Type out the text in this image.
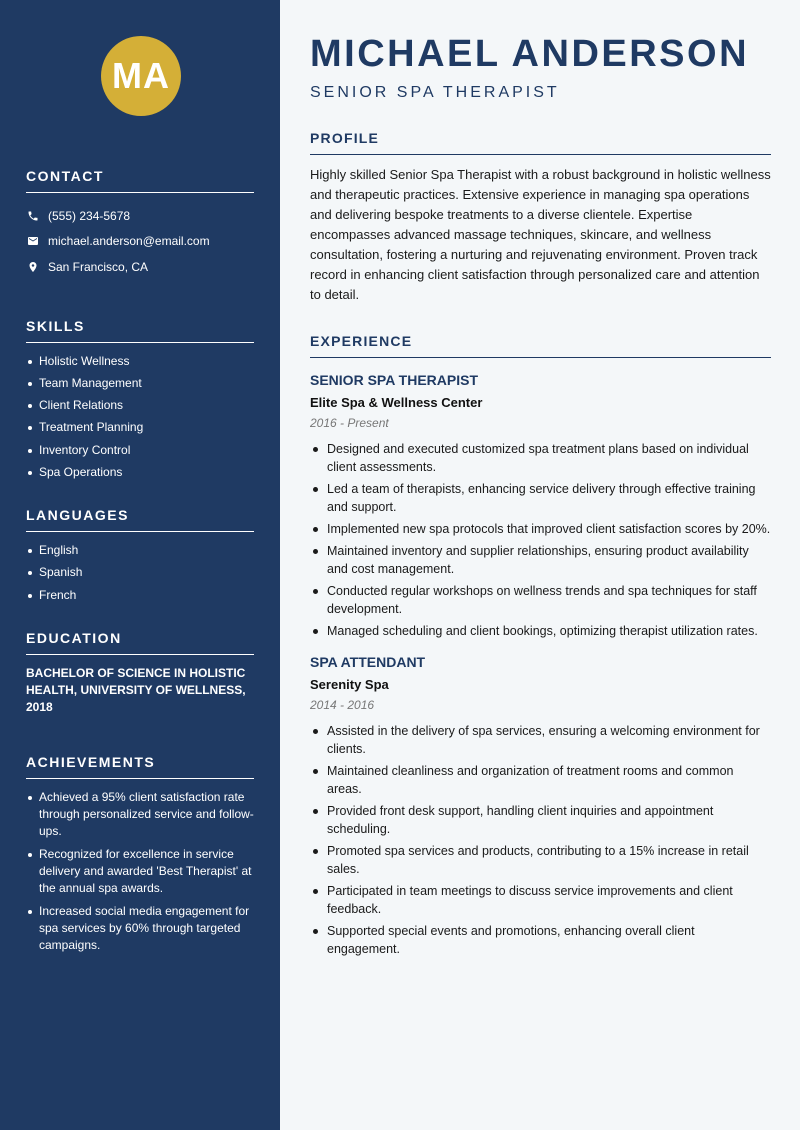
MA
CONTACT
(555) 234-5678
michael.anderson@email.com
San Francisco, CA
SKILLS
Holistic Wellness
Team Management
Client Relations
Treatment Planning
Inventory Control
Spa Operations
LANGUAGES
English
Spanish
French
EDUCATION
BACHELOR OF SCIENCE IN HOLISTIC HEALTH, UNIVERSITY OF WELLNESS, 2018
ACHIEVEMENTS
Achieved a 95% client satisfaction rate through personalized service and follow-ups.
Recognized for excellence in service delivery and awarded 'Best Therapist' at the annual spa awards.
Increased social media engagement for spa services by 60% through targeted campaigns.
MICHAEL ANDERSON

SENIOR SPA THERAPIST

PROFILE

Highly skilled Senior Spa Therapist with a robust background in holistic wellness and therapeutic practices. Extensive experience in managing spa operations and delivering bespoke treatments to a diverse clientele. Expertise encompasses advanced massage techniques, skincare, and wellness consultation, fostering a nurturing and rejuvenating environment. Proven track record in enhancing client satisfaction through personalized care and attention to detail.

EXPERIENCE

SENIOR SPA THERAPIST

Elite Spa & Wellness Center

2016 - Present

Designed and executed customized spa treatment plans based on individual client assessments.
Led a team of therapists, enhancing service delivery through effective training and support.
Implemented new spa protocols that improved client satisfaction scores by 20%.
Maintained inventory and supplier relationships, ensuring product availability and cost management.
Conducted regular workshops on wellness trends and spa techniques for staff development.
Managed scheduling and client bookings, optimizing therapist utilization rates.

SPA ATTENDANT

Serenity Spa

2014 - 2016

Assisted in the delivery of spa services, ensuring a welcoming environment for clients.
Maintained cleanliness and organization of treatment rooms and common areas.
Provided front desk support, handling client inquiries and appointment scheduling.
Promoted spa services and products, contributing to a 15% increase in retail sales.
Participated in team meetings to discuss service improvements and client feedback.
Supported special events and promotions, enhancing overall client engagement.
